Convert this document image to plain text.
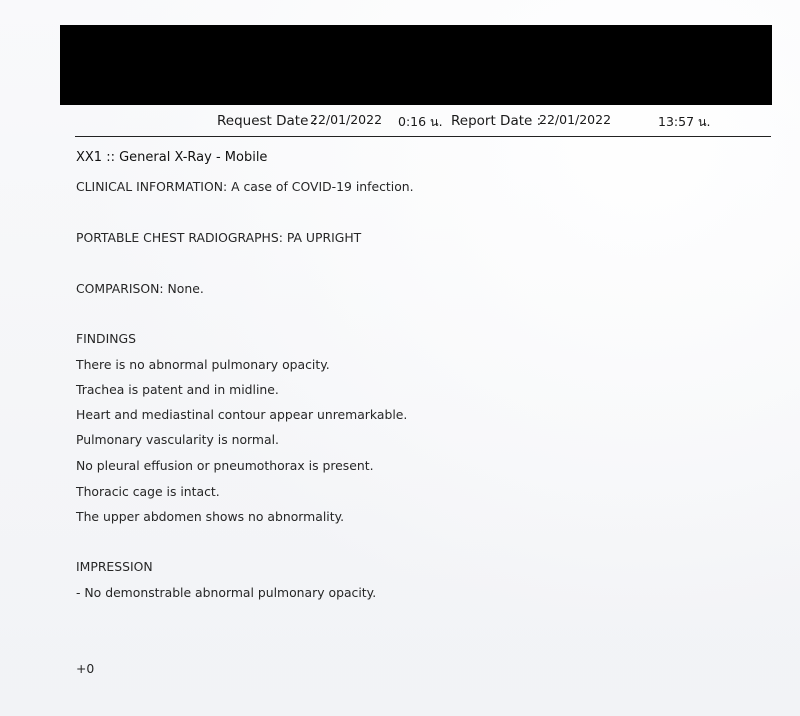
Request Date :
22/01/2022 0:16 น. Report Date :
22/01/2022	13:57 น.
XX1 :: General X-Ray - Mobile
CLINICAL INFORMATION: A case of COVID-19 infection.
PORTABLE CHEST RADIOGRAPHS: PA UPRIGHT
COMPARISON: None.
FINDINGS
There is no abnormal pulmonary opacity.
Trachea is patent and in midline.
Heart and mediastinal contour appear unremarkable.
Pulmonary vascularity is normal.
No pleural effusion or pneumothorax is present.
Thoracic cage is intact.
The upper abdomen shows no abnormality.
IMPRESSION
- No demonstrable abnormal pulmonary opacity.
+0
